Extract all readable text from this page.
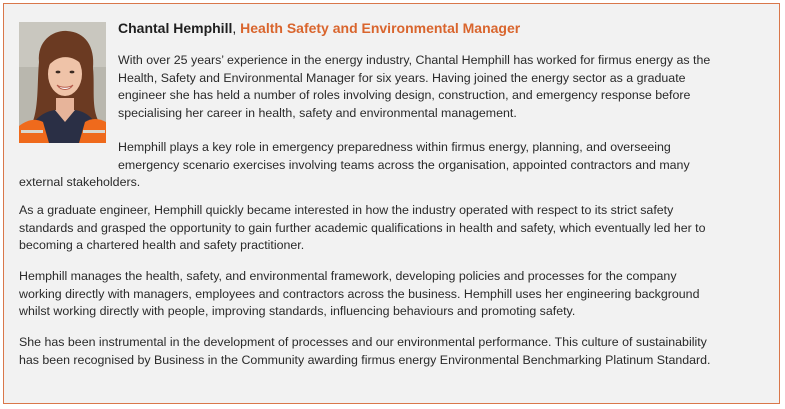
Chantal Hemphill, Health Safety and Environmental Manager

With over 25 years’ experience in the energy industry, Chantal Hemphill has worked for firmus energy as the
Health, Safety and Environmental Manager for six years. Having joined the energy sector as a graduate
engineer she has held a number of roles involving design, construction, and emergency response before
specialising her career in health, safety and environmental management.

Hemphill plays a key role in emergency preparedness within firmus energy, planning, and overseeing
emergency scenario exercises involving teams across the organisation, appointed contractors and many

external stakeholders.

As a graduate engineer, Hemphill quickly became interested in how the industry operated with respect to its strict safety
standards and grasped the opportunity to gain further academic qualifications in health and safety, which eventually led her to
becoming a chartered health and safety practitioner.

Hemphill manages the health, safety, and environmental framework, developing policies and processes for the company
working directly with managers, employees and contractors across the business. Hemphill uses her engineering background
whilst working directly with people, improving standards, influencing behaviours and promoting safety.

She has been instrumental in the development of processes and our environmental performance. This culture of sustainability
has been recognised by Business in the Community awarding firmus energy Environmental Benchmarking Platinum Standard.
